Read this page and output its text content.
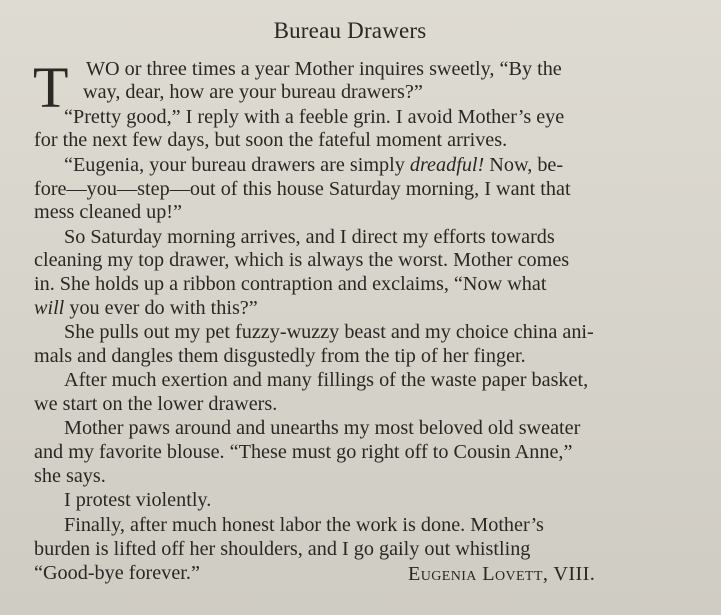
Bureau Drawers
T WO or three times a year Mother inquires sweetly, “By the
way, dear, how are your bureau drawers?”
“Pretty good,” I reply with a feeble grin. I avoid Mother’s eye
for the next few days, but soon the fateful moment arrives.
“Eugenia, your bureau drawers are simply dreadful! Now, be-
fore—you—step—out of this house Saturday morning, I want that
mess cleaned up!”
So Saturday morning arrives, and I direct my efforts towards
cleaning my top drawer, which is always the worst. Mother comes
in. She holds up a ribbon contraption and exclaims, “Now what
will you ever do with this?”
She pulls out my pet fuzzy-wuzzy beast and my choice china ani-
mals and dangles them disgustedly from the tip of her finger.
After much exertion and many fillings of the waste paper basket,
we start on the lower drawers.
Mother paws around and unearths my most beloved old sweater
and my favorite blouse. “These must go right off to Cousin Anne,”
she says.
I protest violently.
Finally, after much honest labor the work is done. Mother’s
burden is lifted off her shoulders, and I go gaily out whistling
“Good-bye forever.”	Eugenia Lovett, VIII.
